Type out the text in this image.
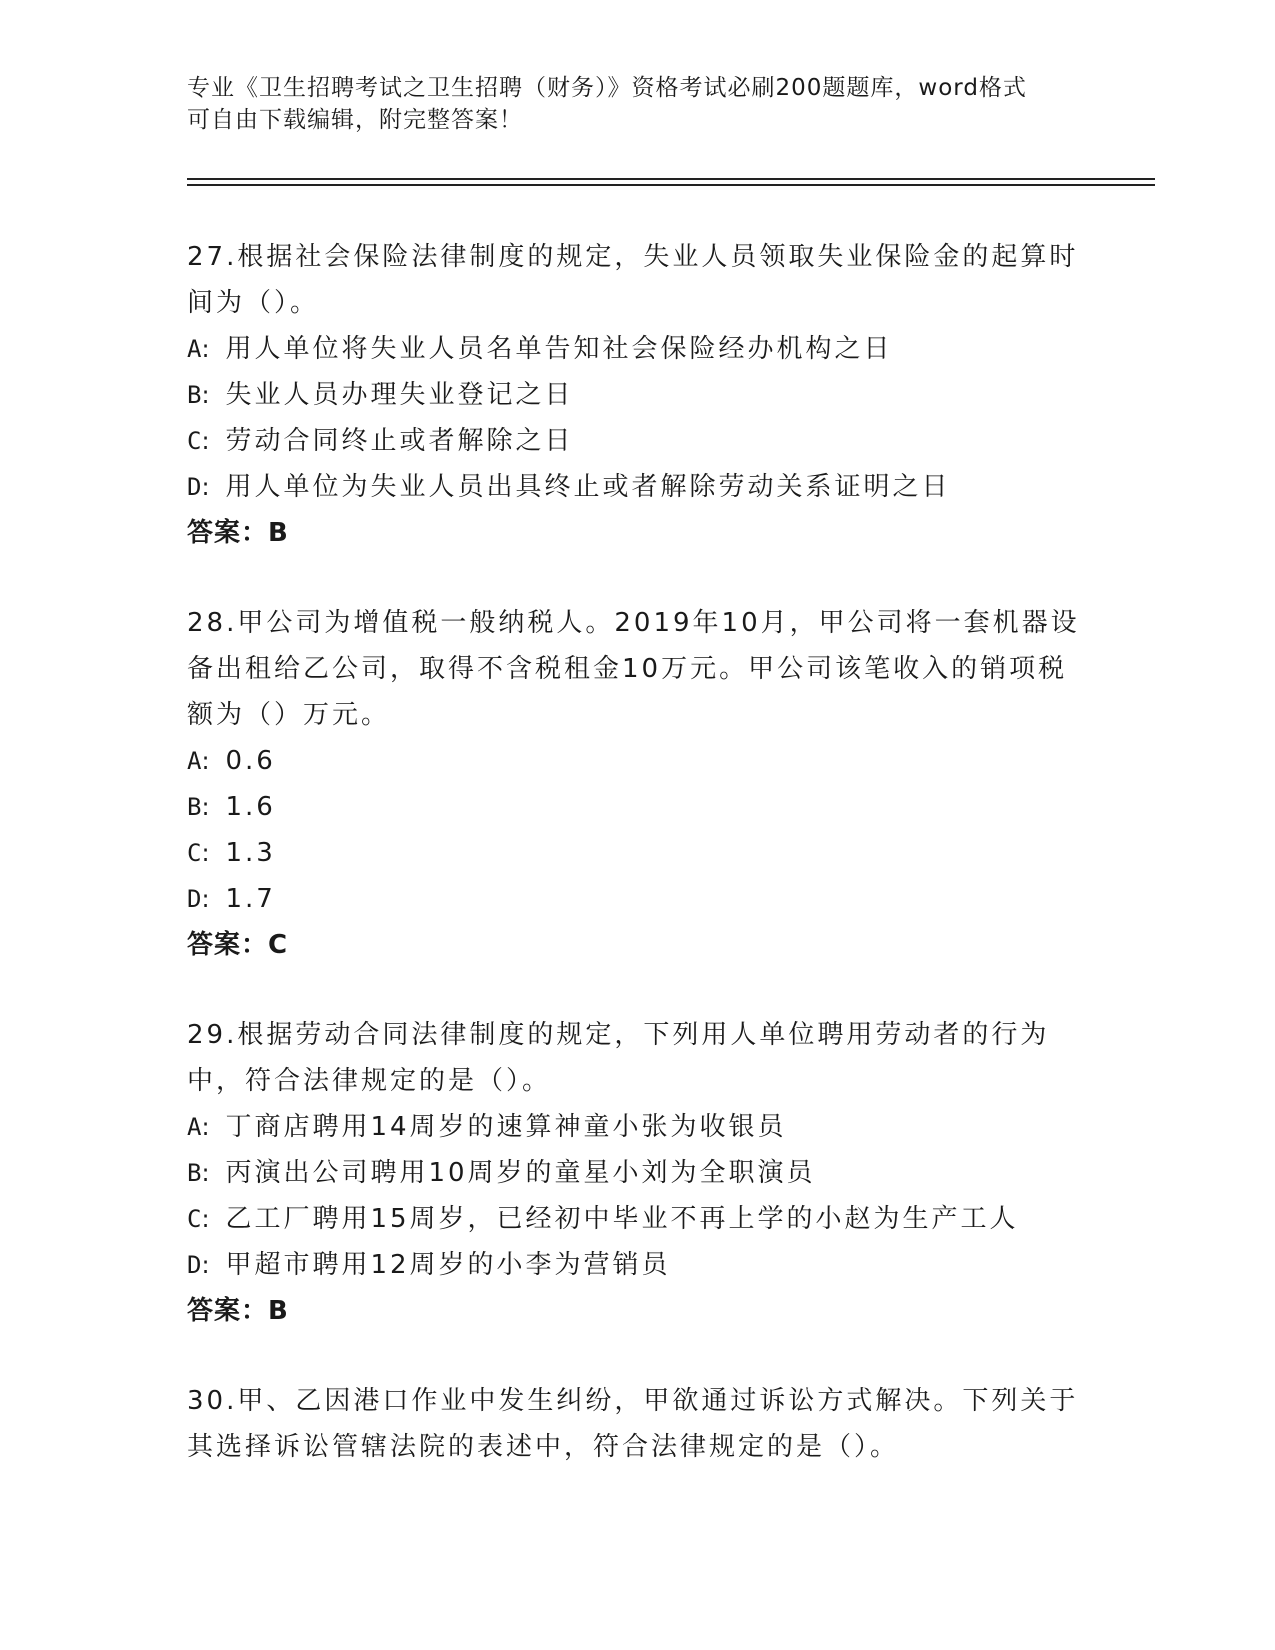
专业《卫生招聘考试之卫生招聘（财务）》资格考试必刷200题题库，word格式
可自由下载编辑，附完整答案！

27.根据社会保险法律制度的规定，失业人员领取失业保险金的起算时间为（）。

A : 用人单位将失业人员名单告知社会保险经办机构之日
B : 失业人员办理失业登记之日
C : 劳动合同终止或者解除之日
D : 用人单位为失业人员出具终止或者解除劳动关系证明之日
答案：B

28.甲公司为增值税一般纳税人。2019年10月，甲公司将一套机器设备出租给乙公司，取得不含税租金10万元。甲公司该笔收入的销项税额为（）万元。

A : 0.6
B : 1.6
C : 1.3
D : 1.7
答案：C

29.根据劳动合同法律制度的规定，下列用人单位聘用劳动者的行为中，符合法律规定的是（）。

A : 丁商店聘用14周岁的速算神童小张为收银员
B : 丙演出公司聘用10周岁的童星小刘为全职演员
C : 乙工厂聘用15周岁，已经初中毕业不再上学的小赵为生产工人
D : 甲超市聘用12周岁的小李为营销员
答案：B

30.甲、乙因港口作业中发生纠纷，甲欲通过诉讼方式解决。下列关于其选择诉讼管辖法院的表述中，符合法律规定的是（）。
